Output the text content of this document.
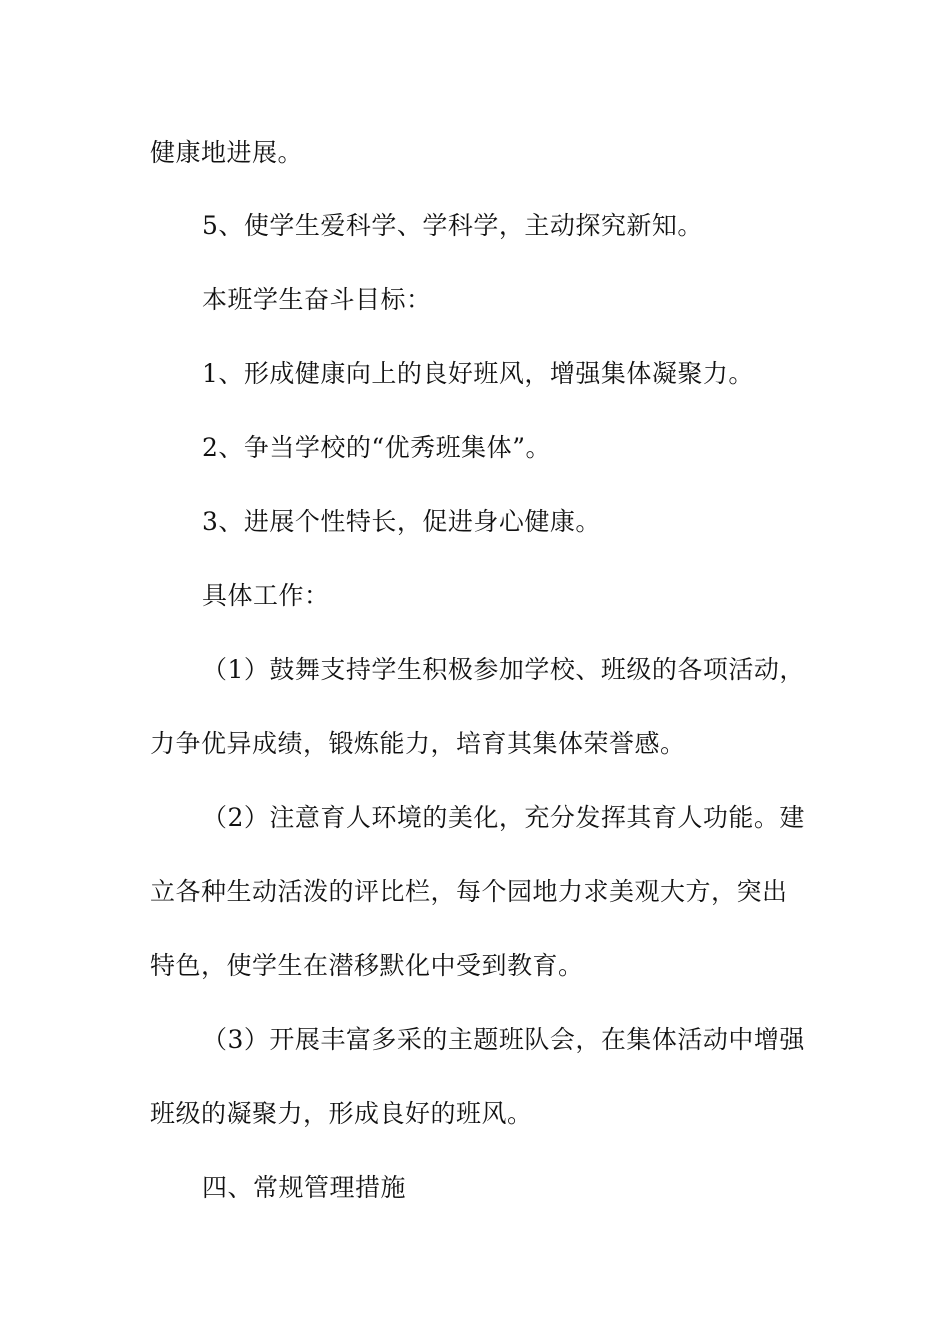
健康地进展。
5、使学生爱科学、学科学，主动探究新知。
本班学生奋斗目标：
1、形成健康向上的良好班风，增强集体凝聚力。
2、争当学校的“优秀班集体”。
3、进展个性特长，促进身心健康。
具体工作：
（1）鼓舞支持学生积极参加学校、班级的各项活动，
力争优异成绩，锻炼能力，培育其集体荣誉感。
（2）注意育人环境的美化，充分发挥其育人功能。建
立各种生动活泼的评比栏，每个园地力求美观大方，突出
特色，使学生在潜移默化中受到教育。
（3）开展丰富多采的主题班队会，在集体活动中增强
班级的凝聚力，形成良好的班风。
四、常规管理措施
